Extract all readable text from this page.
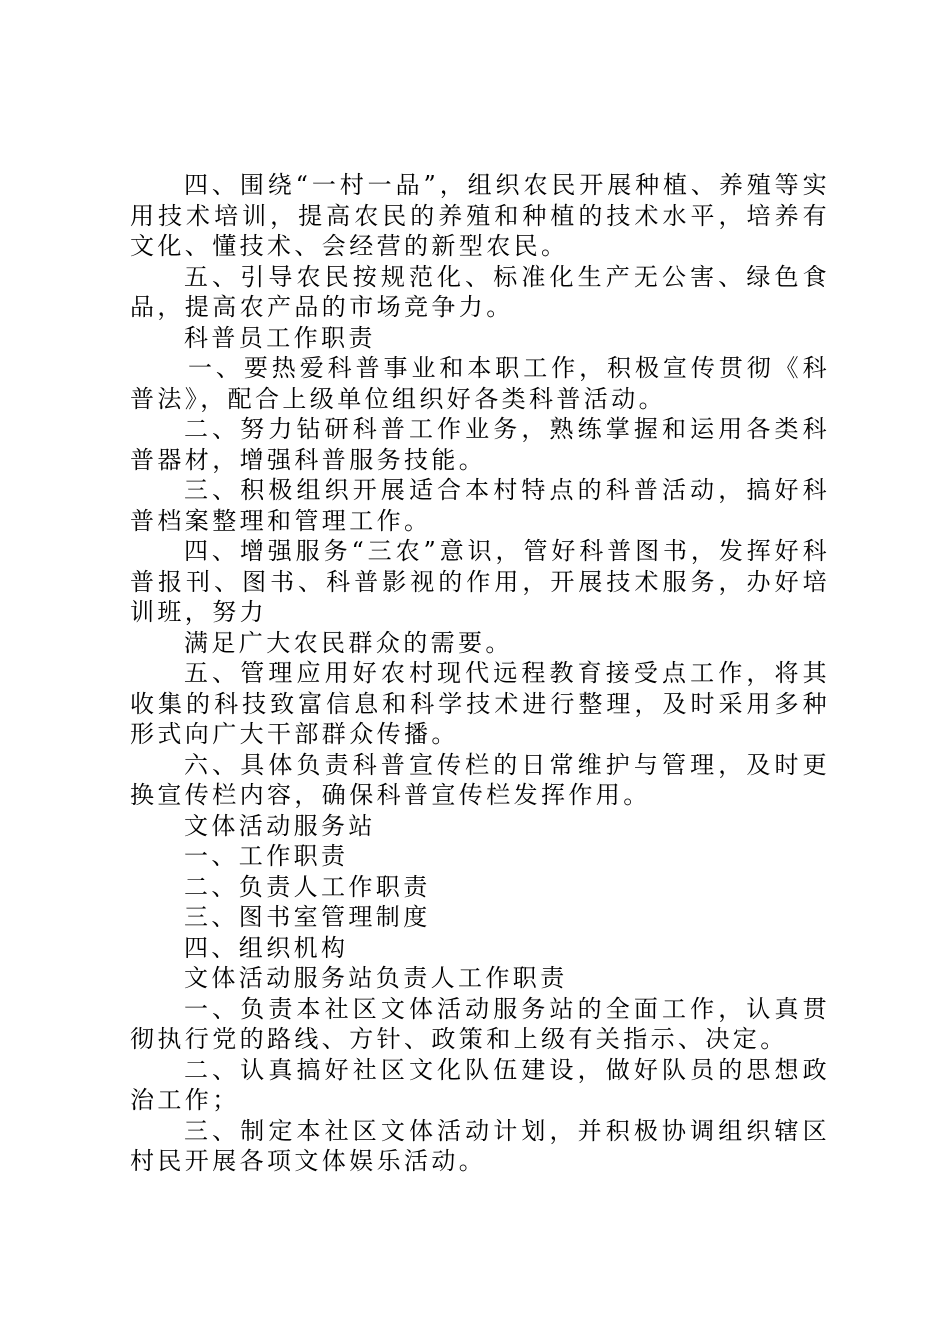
四、围绕“一村一品”，组织农民开展种植、养殖等实用技术培训，提高农民的养殖和种植的技术水平，培养有文化、懂技术、会经营的新型农民。

五、引导农民按规范化、标准化生产无公害、绿色食品，提高农产品的市场竞争力。

科普员工作职责

一、要热爱科普事业和本职工作，积极宣传贯彻《科普法》，配合上级单位组织好各类科普活动。

二、努力钻研科普工作业务，熟练掌握和运用各类科普器材，增强科普服务技能。

三、积极组织开展适合本村特点的科普活动，搞好科普档案整理和管理工作。

四、增强服务“三农”意识，管好科普图书，发挥好科普报刊、图书、科普影视的作用，开展技术服务，办好培训班，努力

满足广大农民群众的需要。

五、管理应用好农村现代远程教育接受点工作，将其收集的科技致富信息和科学技术进行整理，及时采用多种形式向广大干部群众传播。

六、具体负责科普宣传栏的日常维护与管理，及时更换宣传栏内容，确保科普宣传栏发挥作用。

文体活动服务站

一、工作职责

二、负责人工作职责

三、图书室管理制度

四、组织机构

文体活动服务站负责人工作职责

一、负责本社区文体活动服务站的全面工作，认真贯彻执行党的路线、方针、政策和上级有关指示、决定。

二、认真搞好社区文化队伍建设，做好队员的思想政治工作；

三、制定本社区文体活动计划，并积极协调组织辖区村民开展各项文体娱乐活动。
